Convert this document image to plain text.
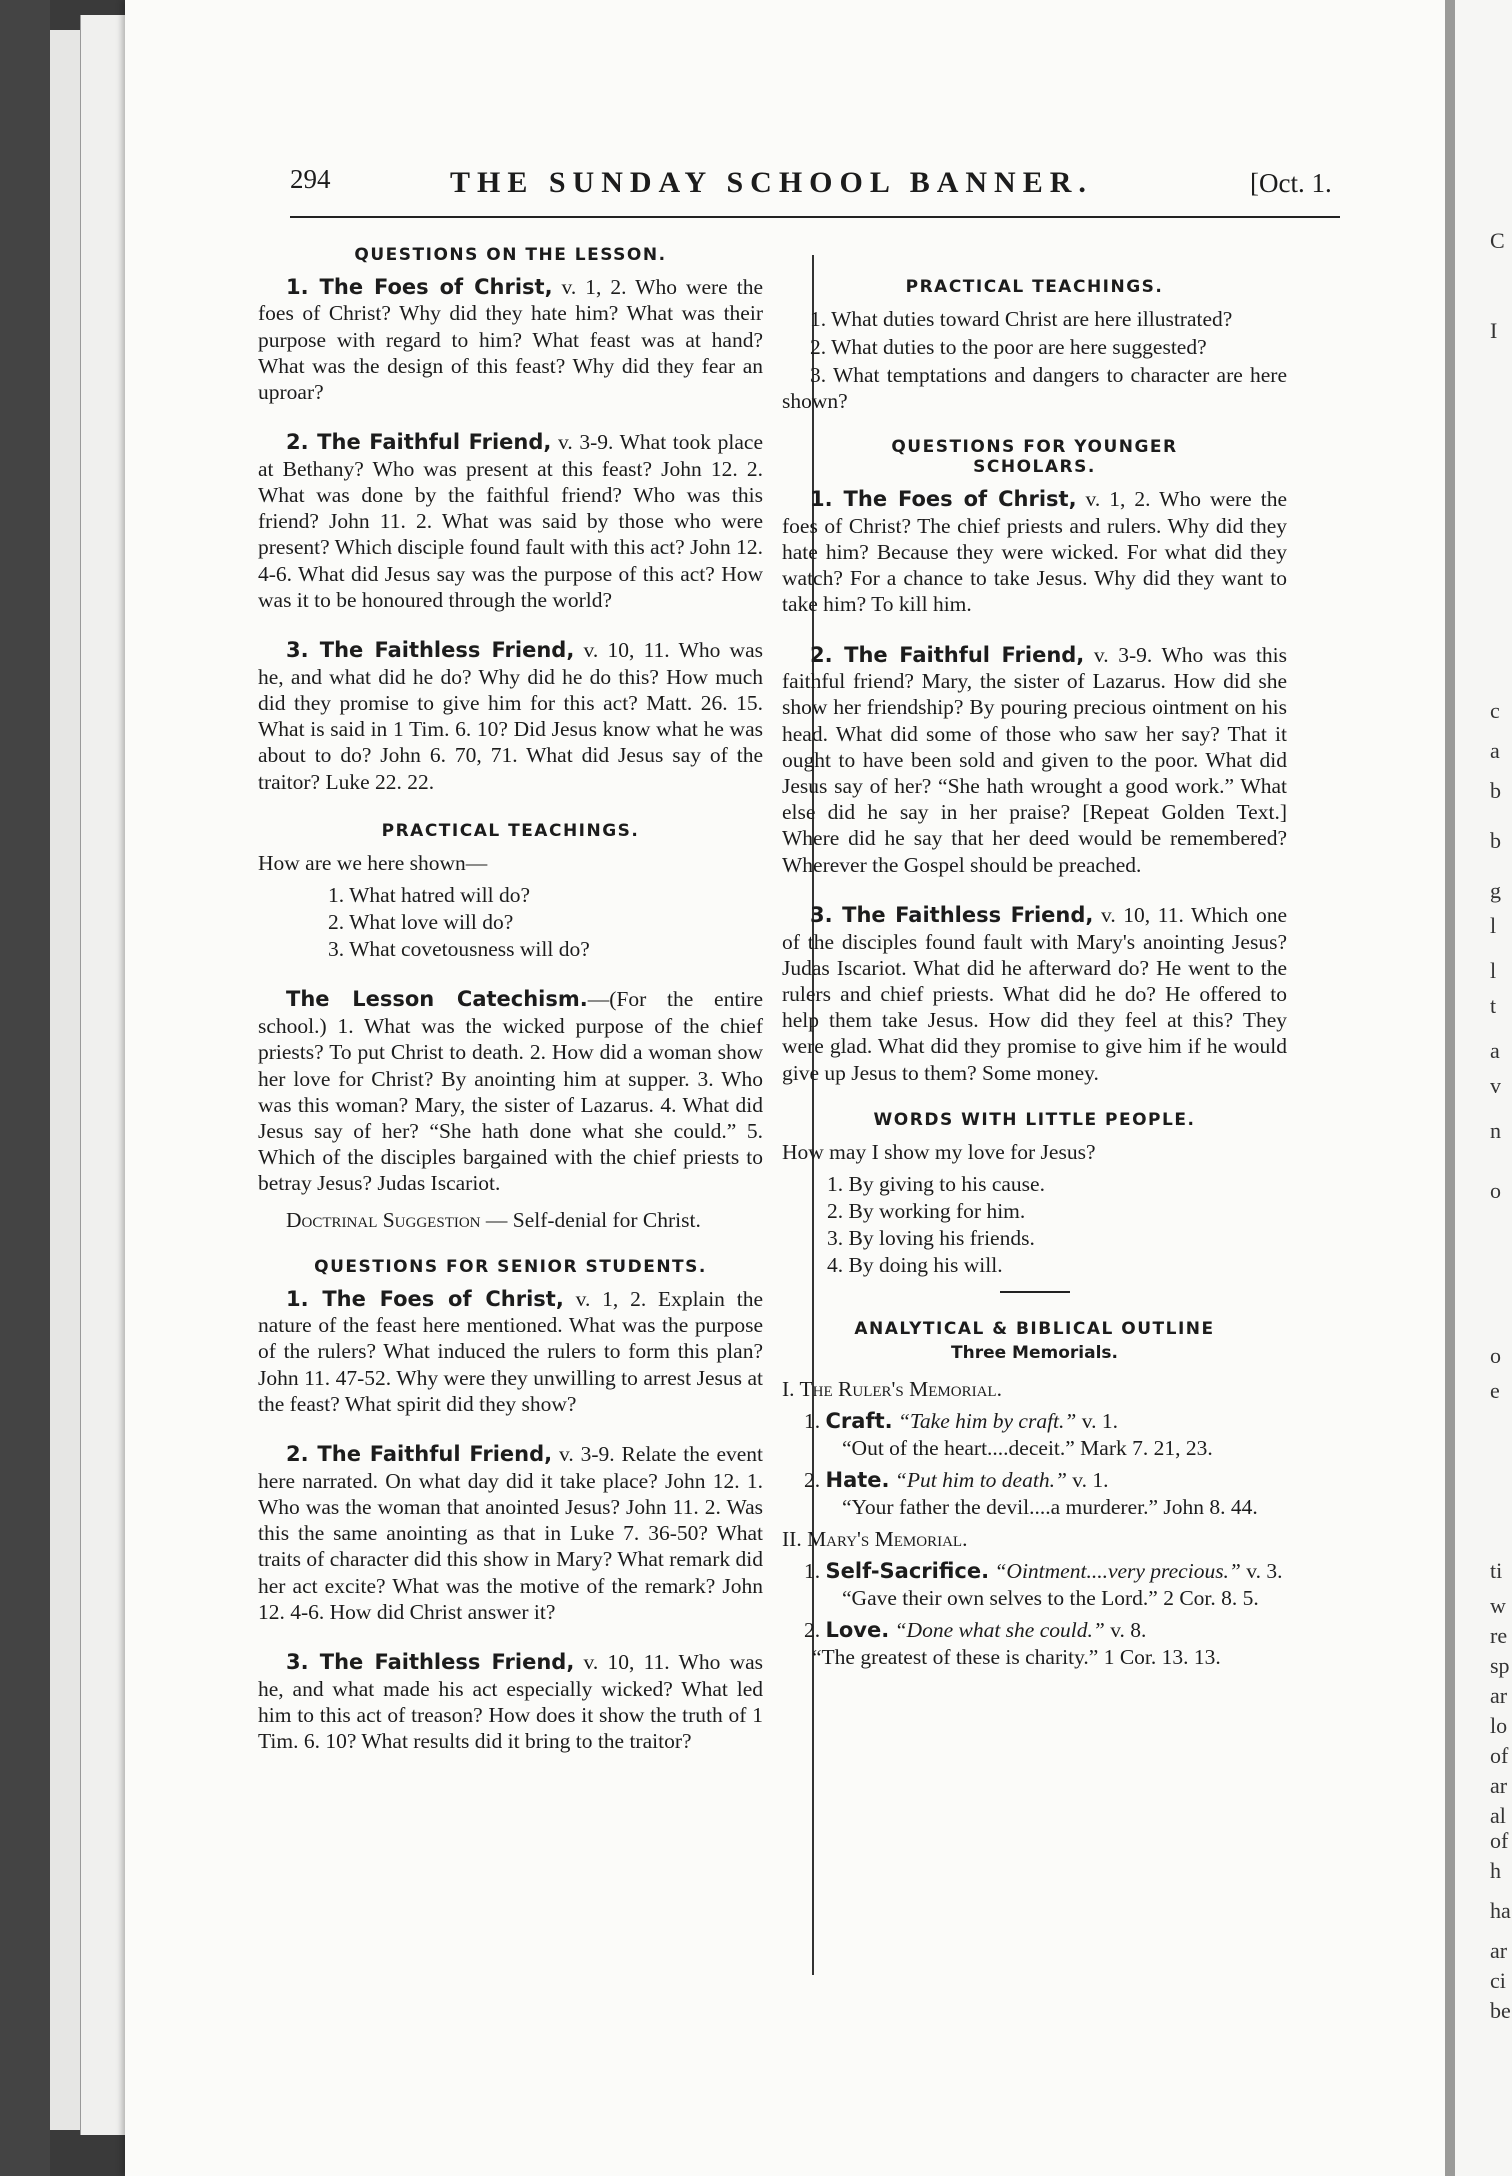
C
I
c
a
b
b
g
l
l
t
a
v
n
o
o
e
ti
w
re
sp
ar
lo
of
ar
al
of
h
ha
ar
ci
be
294	THE SUNDAY SCHOOL BANNER.	[Oct. 1.
QUESTIONS ON THE LESSON.

1. The Foes of Christ, v. 1, 2. Who were the foes of Christ? Why did they hate him? What was their purpose with regard to him? What feast was at hand? What was the design of this feast? Why did they fear an uproar?

2. The Faithful Friend, v. 3-9. What took place at Bethany? Who was present at this feast? John 12. 2. What was done by the faithful friend? Who was this friend? John 11. 2. What was said by those who were present? Which disciple found fault with this act? John 12. 4-6. What did Jesus say was the purpose of this act? How was it to be honoured through the world?

3. The Faithless Friend, v. 10, 11. Who was he, and what did he do? Why did he do this? How much did they promise to give him for this act? Matt. 26. 15. What is said in 1 Tim. 6. 10? Did Jesus know what he was about to do? John 6. 70, 71. What did Jesus say of the traitor? Luke 22. 22.

PRACTICAL TEACHINGS.
How are we here shown—
1. What hatred will do?
2. What love will do?
3. What covetousness will do?

The Lesson Catechism.—(For the entire school.) 1. What was the wicked purpose of the chief priests? To put Christ to death. 2. How did a woman show her love for Christ? By anointing him at supper. 3. Who was this woman? Mary, the sister of Lazarus. 4. What did Jesus say of her? “She hath done what she could.” 5. Which of the disciples bargained with the chief priests to betray Jesus? Judas Iscariot.

Doctrinal Suggestion — Self-denial for Christ.

QUESTIONS FOR SENIOR STUDENTS.

1. The Foes of Christ, v. 1, 2. Explain the nature of the feast here mentioned. What was the purpose of the rulers? What induced the rulers to form this plan? John 11. 47-52. Why were they unwilling to arrest Jesus at the feast? What spirit did they show?

2. The Faithful Friend, v. 3-9. Relate the event here narrated. On what day did it take place? John 12. 1. Who was the woman that anointed Jesus? John 11. 2. Was this the same anointing as that in Luke 7. 36-50? What traits of character did this show in Mary? What remark did her act excite? What was the motive of the remark? John 12. 4-6. How did Christ answer it?

3. The Faithless Friend, v. 10, 11. Who was he, and what made his act especially wicked? What led him to this act of treason? How does it show the truth of 1 Tim. 6. 10? What results did it bring to the traitor?

PRACTICAL TEACHINGS.

1. What duties toward Christ are here illustrated?

2. What duties to the poor are here suggested?

3. What temptations and dangers to character are here shown?

QUESTIONS FOR YOUNGER SCHOLARS.

1. The Foes of Christ, v. 1, 2. Who were the foes of Christ? The chief priests and rulers. Why did they hate him? Because they were wicked. For what did they watch? For a chance to take Jesus. Why did they want to take him? To kill him.

2. The Faithful Friend, v. 3-9. Who was this faithful friend? Mary, the sister of Lazarus. How did she show her friendship? By pouring precious ointment on his head. What did some of those who saw her say? That it ought to have been sold and given to the poor. What did Jesus say of her? “She hath wrought a good work.” What else did he say in her praise? [Repeat Golden Text.] Where did he say that her deed would be remembered? Wherever the Gospel should be preached.

3. The Faithless Friend, v. 10, 11. Which one of the disciples found fault with Mary's anointing Jesus? Judas Iscariot. What did he afterward do? He went to the rulers and chief priests. What did he do? He offered to help them take Jesus. How did they feel at this? They were glad. What did they promise to give him if he would give up Jesus to them? Some money.

WORDS WITH LITTLE PEOPLE.
How may I show my love for Jesus?
1. By giving to his cause.
2. By working for him.
3. By loving his friends.
4. By doing his will.
ANALYTICAL & BIBLICAL OUTLINE
Three Memorials.
I. The Ruler's Memorial.
1. Craft. “Take him by craft.” v. 1.
“Out of the heart....deceit.” Mark 7. 21, 23.
2. Hate. “Put him to death.” v. 1.
“Your father the devil....a murderer.” John 8. 44.
II. Mary's Memorial.
1. Self-Sacrifice. “Ointment....very precious.” v. 3.
“Gave their own selves to the Lord.” 2 Cor. 8. 5.
2. Love. “Done what she could.” v. 8.
“The greatest of these is charity.” 1 Cor. 13. 13.
